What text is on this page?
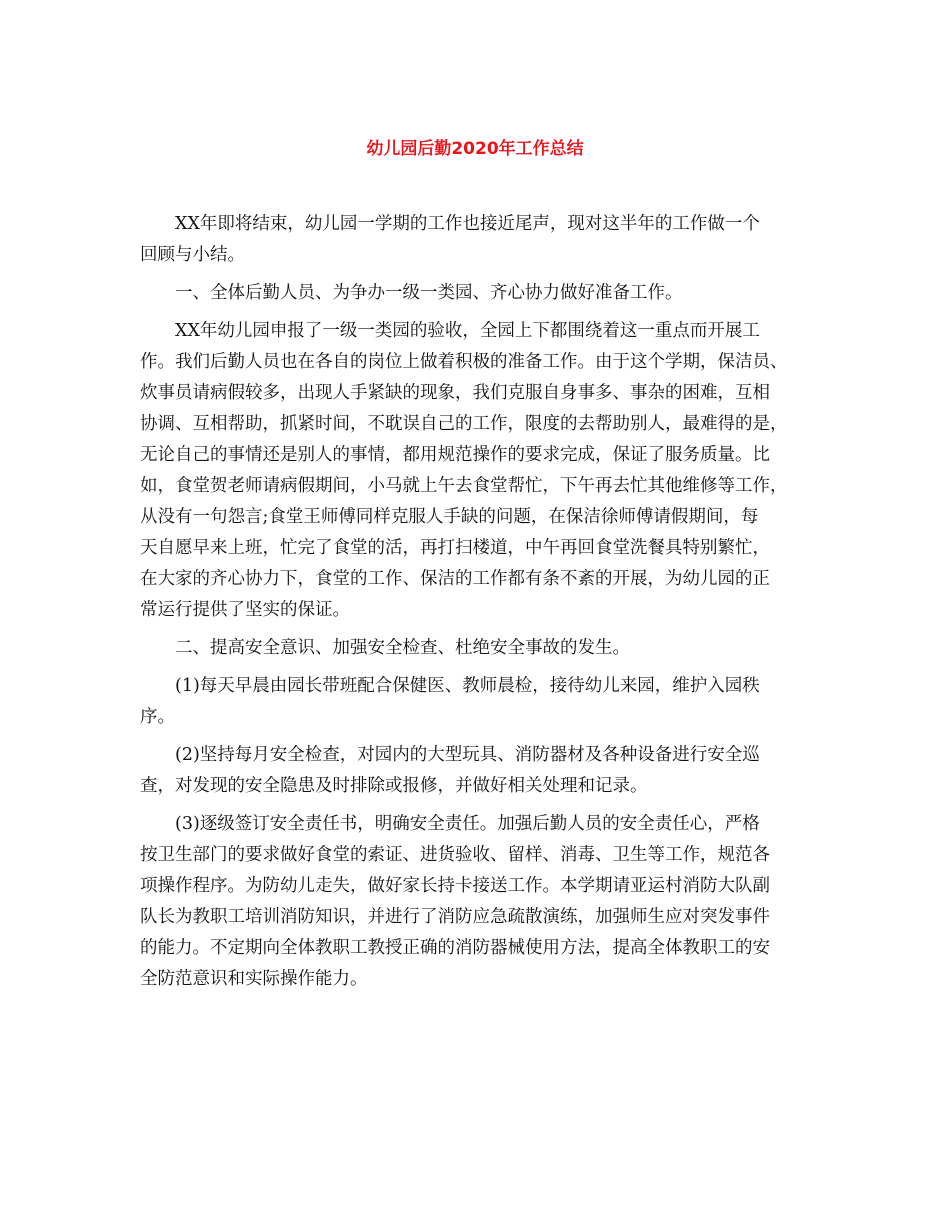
幼儿园后勤2020年工作总结

XX年即将结束，幼儿园一学期的工作也接近尾声，现对这半年的工作做一个
回顾与小结。

一、全体后勤人员、为争办一级一类园、齐心协力做好准备工作。

XX年幼儿园申报了一级一类园的验收，全园上下都围绕着这一重点而开展工
作。我们后勤人员也在各自的岗位上做着积极的准备工作。由于这个学期，保洁员、
炊事员请病假较多，出现人手紧缺的现象，我们克服自身事多、事杂的困难，互相
协调、互相帮助，抓紧时间，不耽误自己的工作，限度的去帮助别人，最难得的是，
无论自己的事情还是别人的事情，都用规范操作的要求完成，保证了服务质量。比
如，食堂贺老师请病假期间，小马就上午去食堂帮忙，下午再去忙其他维修等工作，
从没有一句怨言;食堂王师傅同样克服人手缺的问题，在保洁徐师傅请假期间，每
天自愿早来上班，忙完了食堂的活，再打扫楼道，中午再回食堂洗餐具特别繁忙，
在大家的齐心协力下，食堂的工作、保洁的工作都有条不紊的开展，为幼儿园的正
常运行提供了坚实的保证。

二、提高安全意识、加强安全检查、杜绝安全事故的发生。

(1)每天早晨由园长带班配合保健医、教师晨检，接待幼儿来园，维护入园秩
序。

(2)坚持每月安全检查，对园内的大型玩具、消防器材及各种设备进行安全巡
查，对发现的安全隐患及时排除或报修，并做好相关处理和记录。

(3)逐级签订安全责任书，明确安全责任。加强后勤人员的安全责任心，严格
按卫生部门的要求做好食堂的索证、进货验收、留样、消毒、卫生等工作，规范各
项操作程序。为防幼儿走失，做好家长持卡接送工作。本学期请亚运村消防大队副
队长为教职工培训消防知识，并进行了消防应急疏散演练，加强师生应对突发事件
的能力。不定期向全体教职工教授正确的消防器械使用方法，提高全体教职工的安
全防范意识和实际操作能力。
